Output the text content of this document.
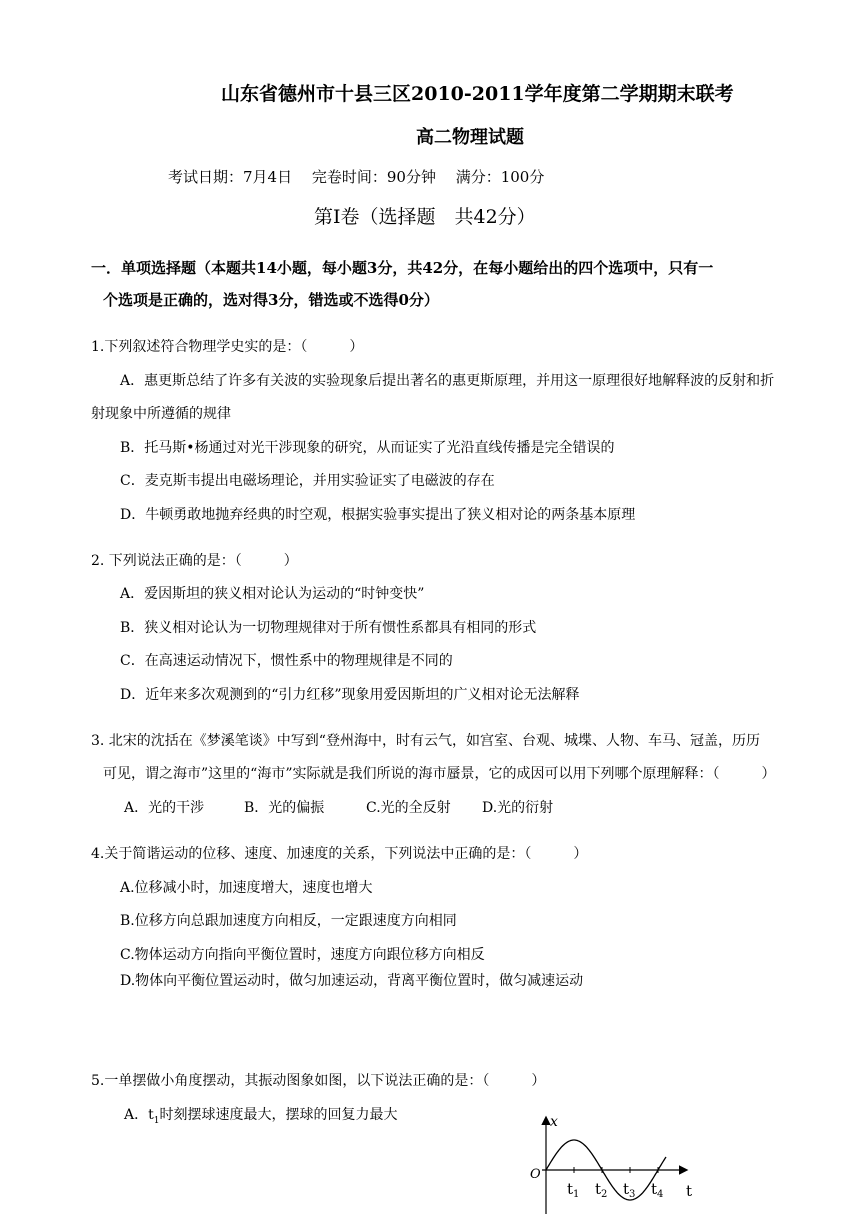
山东省德州市十县三区2010-2011学年度第二学期期末联考
高二物理试题
考试日期：7月4日　 完卷时间：90分钟　 满分：100分
第Ⅰ卷（选择题　共42分）
一．单项选择题（本题共14小题，每小题3分，共42分，在每小题给出的四个选项中，只有一
个选项是正确的，选对得3分，错选或不选得0分）
1.下列叙述符合物理学史实的是：（　　　）
A．惠更斯总结了许多有关波的实验现象后提出著名的惠更斯原理，并用这一原理很好地解释波的反射和折
射现象中所遵循的规律
B．托马斯•杨通过对光干涉现象的研究，从而证实了光沿直线传播是完全错误的
C．麦克斯韦提出电磁场理论，并用实验证实了电磁波的存在
D．牛顿勇敢地抛弃经典的时空观，根据实验事实提出了狭义相对论的两条基本原理
2. 下列说法正确的是：（　　　）
A．爱因斯坦的狭义相对论认为运动的“时钟变快”
B．狭义相对论认为一切物理规律对于所有惯性系都具有相同的形式
C．在高速运动情况下，惯性系中的物理规律是不同的
D．近年来多次观测到的“引力红移”现象用爱因斯坦的广义相对论无法解释
3. 北宋的沈括在《梦溪笔谈》中写到“登州海中，时有云气，如宫室、台观、城堞、人物、车马、冠盖，历历
可见，谓之海市”这里的“海市”实际就是我们所说的海市蜃景，它的成因可以用下列哪个原理解释：（　　　）
A．光的干涉	B．光的偏振	C.光的全反射 D.光的衍射
4.关于简谐运动的位移、速度、加速度的关系，下列说法中正确的是：（　　　）
A.位移减小时，加速度增大，速度也增大
B.位移方向总跟加速度方向相反，一定跟速度方向相同
C.物体运动方向指向平衡位置时，速度方向跟位移方向相反
D.物体向平衡位置运动时，做匀加速运动，背离平衡位置时，做匀减速运动
5.一单摆做小角度摆动，其振动图象如图，以下说法正确的是：（　　　）
A．$t_1$时刻摆球速度最大，摆球的回复力最大	x
O
t
$t_1$ $t_2$ $t_3$ $t_4$
